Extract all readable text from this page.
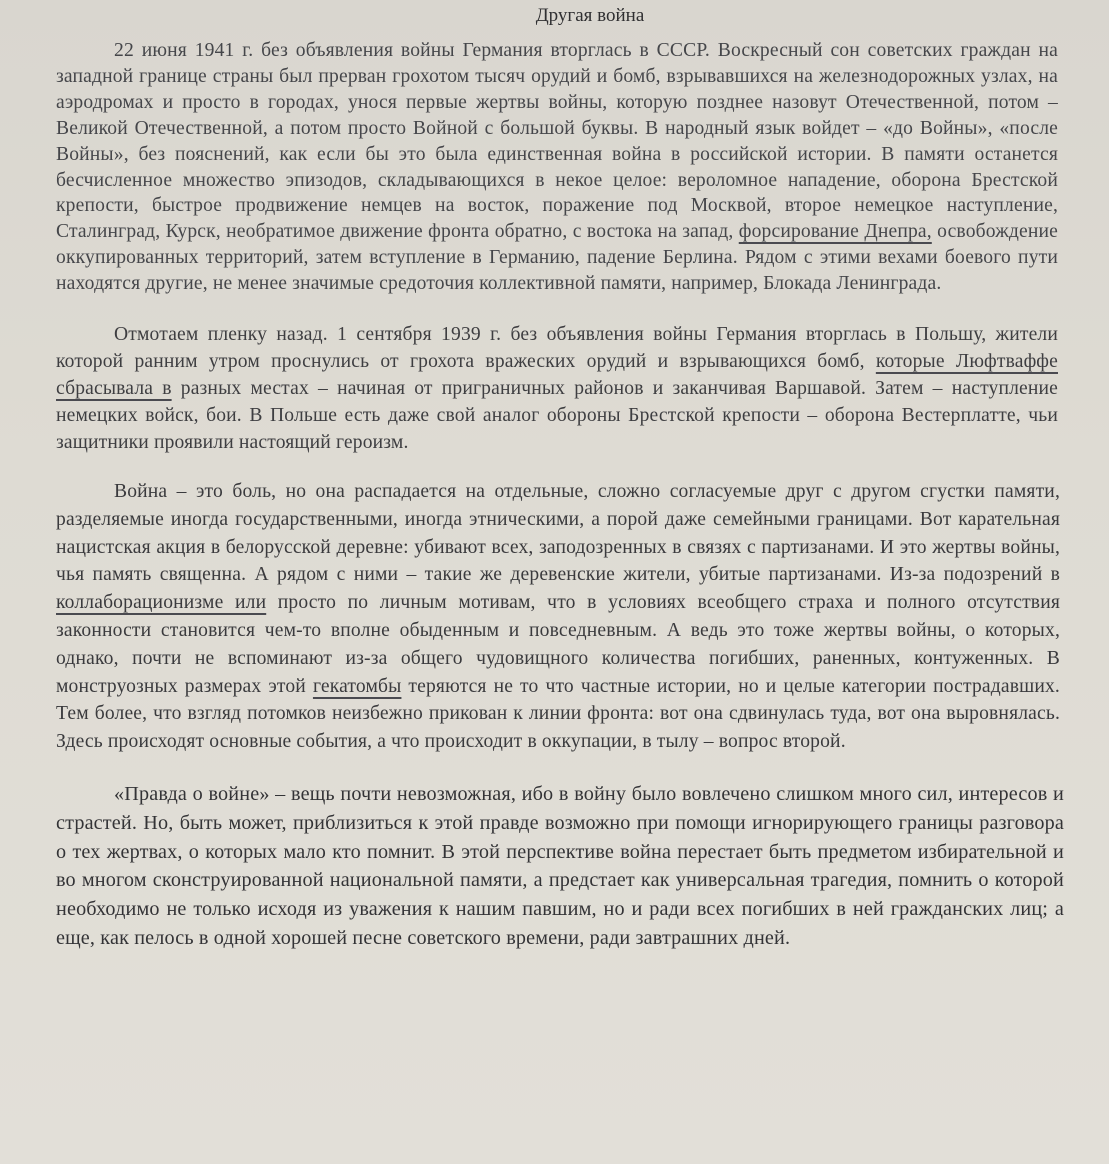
Другая война

22 июня 1941 г. без объявления войны Германия вторглась в СССР. Воскресный сон советских граждан на западной границе страны был прерван грохотом тысяч орудий и бомб, взрывавшихся на железнодорожных узлах, на аэродромах и просто в городах, унося первые жертвы войны, которую позднее назовут Отечественной, потом – Великой Отечественной, а потом просто Войной с большой буквы. В народный язык войдет – «до Войны», «после Войны», без пояснений, как если бы это была единственная война в российской истории. В памяти останется бесчисленное множество эпизодов, складывающихся в некое целое: вероломное нападение, оборона Брестской крепости, быстрое продвижение немцев на восток, поражение под Москвой, второе немецкое наступление, Сталинград, Курск, необратимое движение фронта обратно, с востока на запад, форсирование Днепра, освобождение оккупированных территорий, затем вступление в Германию, падение Берлина. Рядом с этими вехами боевого пути находятся другие, не менее значимые средоточия коллективной памяти, например, Блокада Ленинграда.

Отмотаем пленку назад. 1 сентября 1939 г. без объявления войны Германия вторглась в Польшу, жители которой ранним утром проснулись от грохота вражеских орудий и взрывающихся бомб, которые Люфтваффе сбрасывала в разных местах – начиная от приграничных районов и заканчивая Варшавой. Затем – наступление немецких войск, бои. В Польше есть даже свой аналог обороны Брестской крепости – оборона Вестерплатте, чьи защитники проявили настоящий героизм.

Война – это боль, но она распадается на отдельные, сложно согласуемые друг с другом сгустки памяти, разделяемые иногда государственными, иногда этническими, а порой даже семейными границами. Вот карательная нацистская акция в белорусской деревне: убивают всех, заподозренных в связях с партизанами. И это жертвы войны, чья память священна. А рядом с ними – такие же деревенские жители, убитые партизанами. Из-за подозрений в коллаборационизме или просто по личным мотивам, что в условиях всеобщего страха и полного отсутствия законности становится чем-то вполне обыденным и повседневным. А ведь это тоже жертвы войны, о которых, однако, почти не вспоминают из-за общего чудовищного количества погибших, раненных, контуженных. В монструозных размерах этой гекатомбы теряются не то что частные истории, но и целые категории пострадавших. Тем более, что взгляд потомков неизбежно прикован к линии фронта: вот она сдвинулась туда, вот она выровнялась. Здесь происходят основные события, а что происходит в оккупации, в тылу – вопрос второй.

«Правда о войне» – вещь почти невозможная, ибо в войну было вовлечено слишком много сил, интересов и страстей. Но, быть может, приблизиться к этой правде возможно при помощи игнорирующего границы разговора о тех жертвах, о которых мало кто помнит. В этой перспективе война перестает быть предметом избирательной и во многом сконструированной национальной памяти, а предстает как универсальная трагедия, помнить о которой необходимо не только исходя из уважения к нашим павшим, но и ради всех погибших в ней гражданских лиц; а еще, как пелось в одной хорошей песне советского времени, ради завтрашних дней.
